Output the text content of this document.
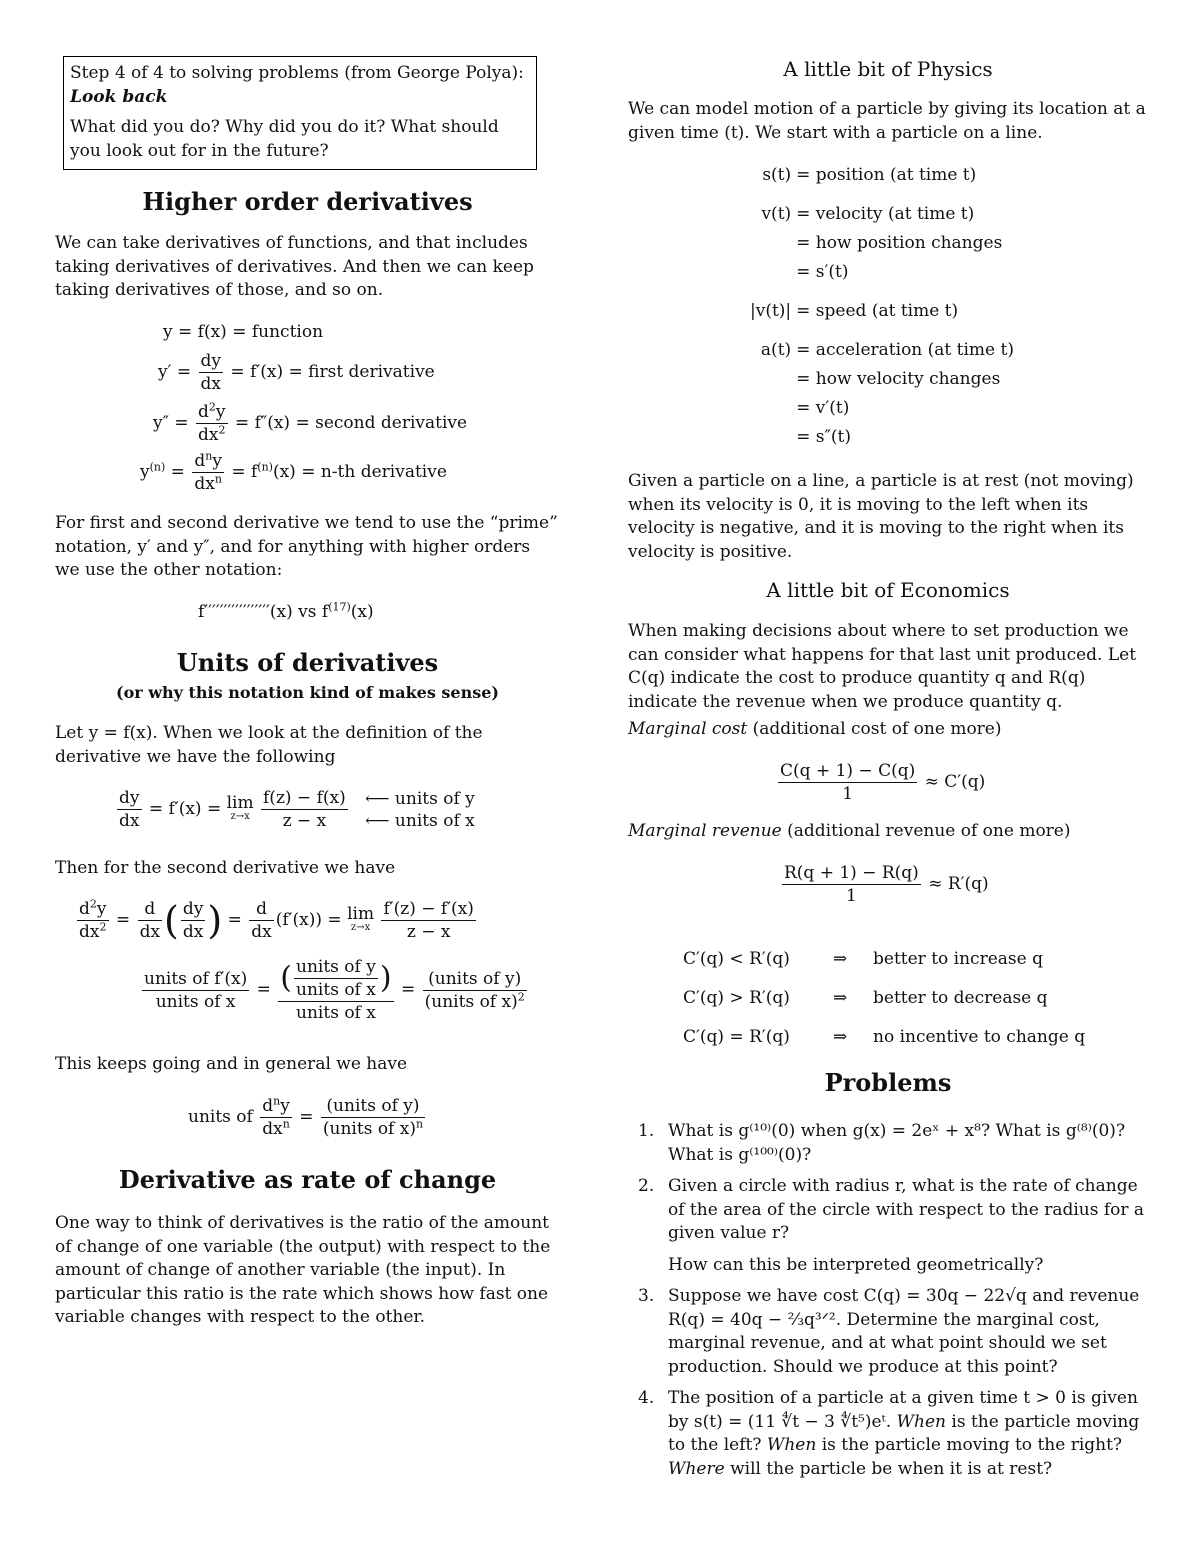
Step 4 of 4 to solving problems (from George Polya):

Look back

What did you do? Why did you do it? What should you look out for in the future?

Higher order derivatives

We can take derivatives of functions, and that includes taking derivatives of derivatives. And then we can keep taking derivatives of those, and so on.

y = f(x) = function
$y' = \frac{dy}{dx} = f'(x)$ = first derivative
$y'' = \frac{d^2y}{dx^2} = f''(x)$ = second derivative
$y^{(n)} = \frac{d^ny}{dx^n} = f^{(n)}(x) = n-th$ derivative

For first and second derivative we tend to use the “prime” notation, y′ and y″, and for anything with higher orders we use the other notation:

f′′′′′′′′′′′′′′′′′(x) vs $f^{(17)}(x)$
Units of derivatives
(or why this notation kind of makes sense)

Let y = f(x). When we look at the definition of the derivative we have the following

$\frac{dy}{dx} = f'(x) = \lim$
z→x
$\frac{f(z) - f(x)}{z - x}$
⟵ units of y
⟵ units of x

Then for the second derivative we have

$\frac{d^2y}{dx^2} = \frac{d}{dx}$ ( $\frac{dy}{dx}$ ) = $\frac{d}{dx} (f'(x)) = \lim$
z→x
$\frac{f'(z) - f'(x)}{z - x}$
$\frac{\text{units of f′(x)}}{\text{units of x}} = \frac{( \frac{\text{units of y}}{\text{units of x}} )}{\text{units of x}} = \frac{\text{(units of y)}}{(units of x)^2}$

This keeps going and in general we have

units of $\frac{d^ny}{dx^n} = \frac{\text{(units of y)}}{(units of x)^n}$
Derivative as rate of change

One way to think of derivatives is the ratio of the amount of change of one variable (the output) with respect to the amount of change of another variable (the input). In particular this ratio is the rate which shows how fast one variable changes with respect to the other.

A little bit of Physics

We can model motion of a particle by giving its location at a given time (t). We start with a particle on a line.

s(t)	= position (at time t)

v(t)	= velocity (at time t)
	= how position changes
	= s′(t)

|v(t)|	= speed (at time t)

a(t)	= acceleration (at time t)
	= how velocity changes
	= v′(t)
	= s″(t)

Given a particle on a line, a particle is at rest (not moving) when its velocity is 0, it is moving to the left when its velocity is negative, and it is moving to the right when its velocity is positive.

A little bit of Economics

When making decisions about where to set production we can consider what happens for that last unit produced. Let C(q) indicate the cost to produce quantity q and R(q) indicate the revenue when we produce quantity q.

Marginal cost (additional cost of one more)

$\frac{C(q + 1) - C(q)}{1} \approx C'(q)$

Marginal revenue (additional revenue of one more)

$\frac{R(q + 1) - R(q)}{1} \approx R'(q)$
C′(q) < R′(q)	⇒	better to increase q
C′(q) > R′(q)	⇒	better to decrease q
C′(q) = R′(q)	⇒	no incentive to change q
Problems
1. What is g⁽¹⁰⁾(0) when g(x) = 2eˣ + x⁸? What is g⁽⁸⁾(0)? What is g⁽¹⁰⁰⁾(0)?
2. Given a circle with radius r, what is the rate of change of the area of the circle with respect to the radius for a given value r?

How can this be interpreted geometrically?
3. Suppose we have cost C(q) = 30q − 22√q and revenue R(q) = 40q − ⅔q³ᐟ². Determine the marginal cost, marginal revenue, and at what point should we set production. Should we produce at this point?
4. The position of a particle at a given time t > 0 is given by s(t) = (11 ∜t − 3 ∜t⁵)eᵗ. When is the particle moving to the left? When is the particle moving to the right? Where will the particle be when it is at rest?
